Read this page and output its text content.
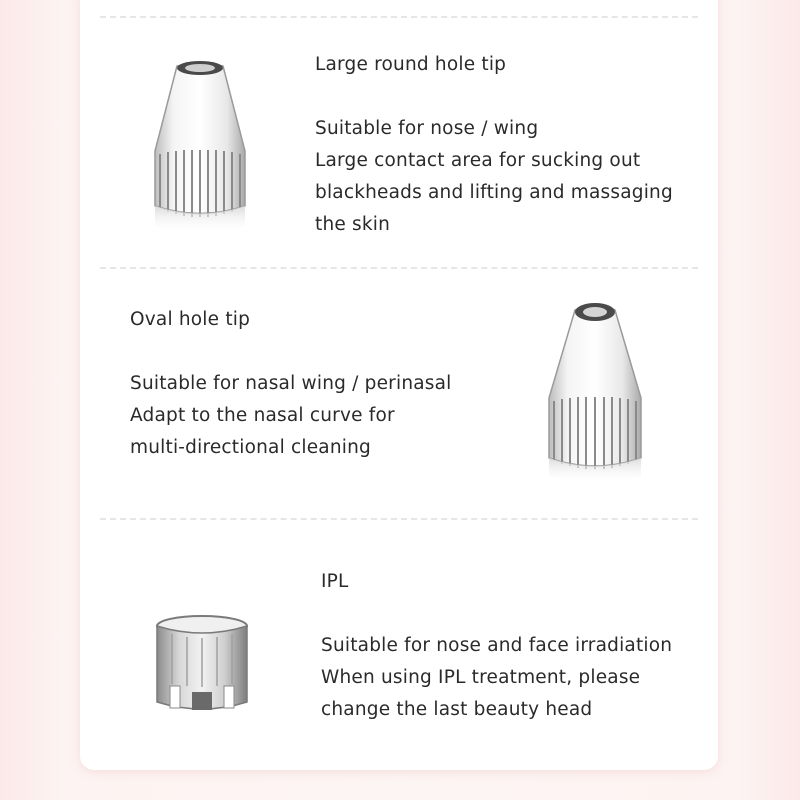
Large round hole tip
Suitable for nose / wing
Large contact area for sucking out
blackheads and lifting and massaging
the skin
Oval hole tip
Suitable for nasal wing / perinasal
Adapt to the nasal curve for
multi-directional cleaning
IPL
Suitable for nose and face irradiation
When using IPL treatment, please
change the last beauty head
